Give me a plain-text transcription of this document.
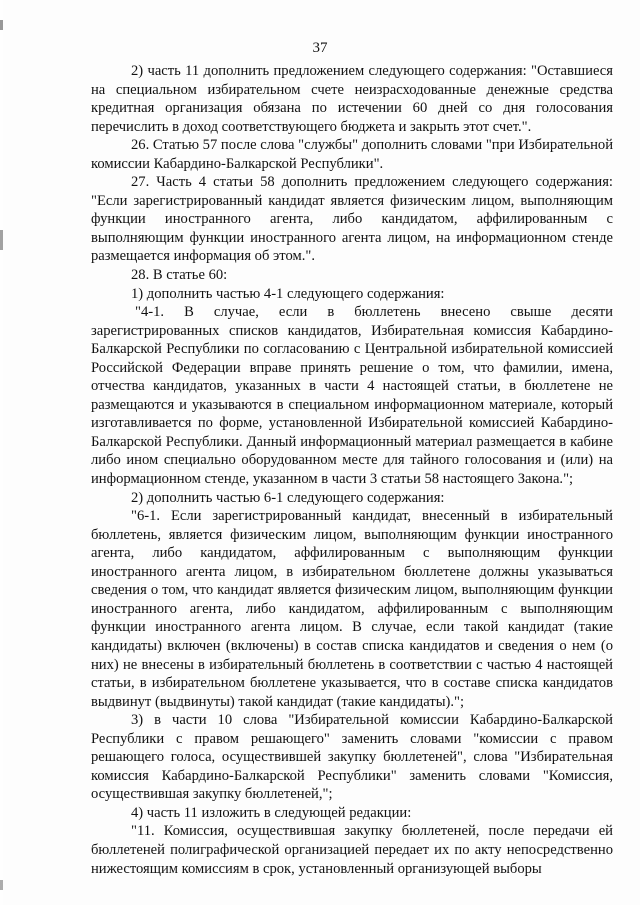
37

2) часть 11 дополнить предложением следующего содержания: "Оставшиеся на специальном избирательном счете неизрасходованные денежные средства кредитная организация обязана по истечении 60 дней со дня голосования перечислить в доход соответствующего бюджета и закрыть этот счет.".

26. Статью 57 после слова "службы" дополнить словами "при Избирательной комиссии Кабардино-Балкарской Республики".

27. Часть 4 статьи 58 дополнить предложением следующего содержания: "Если зарегистрированный кандидат является физическим лицом, выполняющим функции иностранного агента, либо кандидатом, аффилированным с выполняющим функции иностранного агента лицом, на информационном стенде размещается информация об этом.".

28. В статье 60:

1) дополнить частью 4-1 следующего содержания:

"4-1. В случае, если в бюллетень внесено свыше десяти зарегистрированных списков кандидатов, Избирательная комиссия Кабардино-Балкарской Республики по согласованию с Центральной избирательной комиссией Российской Федерации вправе принять решение о том, что фамилии, имена, отчества кандидатов, указанных в части 4 настоящей статьи, в бюллетене не размещаются и указываются в специальном информационном материале, который изготавливается по форме, установленной Избирательной комиссией Кабардино-Балкарской Республики. Данный информационный материал размещается в кабине либо ином специально оборудованном месте для тайного голосования и (или) на информационном стенде, указанном в части 3 статьи 58 настоящего Закона.";

2) дополнить частью 6-1 следующего содержания:

"6-1. Если зарегистрированный кандидат, внесенный в избирательный бюллетень, является физическим лицом, выполняющим функции иностранного агента, либо кандидатом, аффилированным с выполняющим функции иностранного агента лицом, в избирательном бюллетене должны указываться сведения о том, что кандидат является физическим лицом, выполняющим функции иностранного агента, либо кандидатом, аффилированным с выполняющим функции иностранного агента лицом. В случае, если такой кандидат (такие кандидаты) включен (включены) в состав списка кандидатов и сведения о нем (о них) не внесены в избирательный бюллетень в соответствии с частью 4 настоящей статьи, в избирательном бюллетене указывается, что в составе списка кандидатов выдвинут (выдвинуты) такой кандидат (такие кандидаты).";

3) в части 10 слова "Избирательной комиссии Кабардино-Балкарской Республики с правом решающего" заменить словами "комиссии с правом решающего голоса, осуществившей закупку бюллетеней", слова "Избирательная комиссия Кабардино-Балкарской Республики" заменить словами "Комиссия, осуществившая закупку бюллетеней,";

4) часть 11 изложить в следующей редакции:

"11. Комиссия, осуществившая закупку бюллетеней, после передачи ей бюллетеней полиграфической организацией передает их по акту непосредственно нижестоящим комиссиям в срок, установленный организующей выборы
